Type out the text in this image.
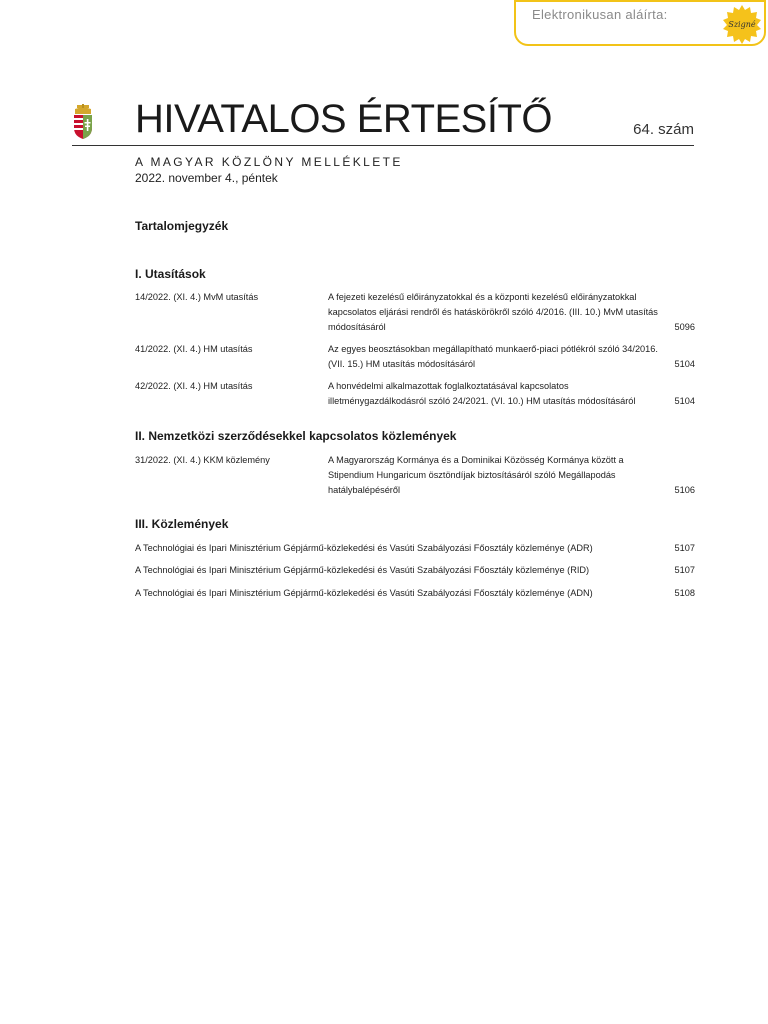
Elektronikusan aláírta:
Szigné
HIVATALOS ÉRTESÍTŐ	64. szám
A MAGYAR KÖZLÖNY MELLÉKLETE
2022. november 4., péntek
Tartalomjegyzék
I. Utasítások
14/2022. (XI. 4.) MvM utasítás	A fejezeti kezelésű előirányzatokkal és a központi kezelésű előirányzatokkal kapcsolatos eljárási rendről és hatáskörökről szóló 4/2016. (III. 10.) MvM utasítás módosításáról	5096
41/2022. (XI. 4.) HM utasítás	Az egyes beosztásokban megállapítható munkaerő-piaci pótlékról szóló 34/2016. (VII. 15.) HM utasítás módosításáról	5104
42/2022. (XI. 4.) HM utasítás	A honvédelmi alkalmazottak foglalkoztatásával kapcsolatos illetménygazdálkodásról szóló 24/2021. (VI. 10.) HM utasítás módosításáról	5104
II. Nemzetközi szerződésekkel kapcsolatos közlemények
31/2022. (XI. 4.) KKM közlemény	A Magyarország Kormánya és a Dominikai Közösség Kormánya között a Stipendium Hungaricum ösztöndíjak biztosításáról szóló Megállapodás hatálybalépéséről	5106
III. Közlemények
A Technológiai és Ipari Minisztérium Gépjármű-közlekedési és Vasúti Szabályozási Főosztály közleménye (ADR)	5107
A Technológiai és Ipari Minisztérium Gépjármű-közlekedési és Vasúti Szabályozási Főosztály közleménye (RID)	5107
A Technológiai és Ipari Minisztérium Gépjármű-közlekedési és Vasúti Szabályozási Főosztály közleménye (ADN)	5108
